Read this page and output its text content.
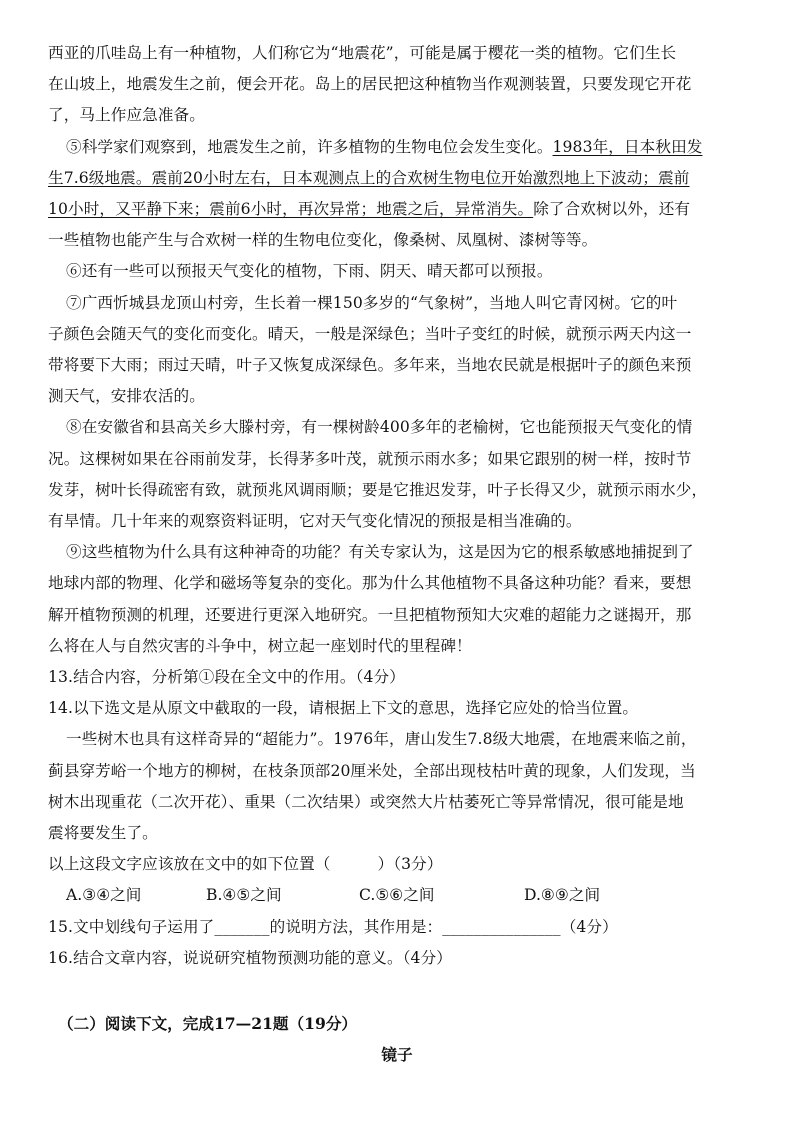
西亚的爪哇岛上有一种植物，人们称它为“地震花”，可能是属于樱花一类的植物。它们生长
在山坡上，地震发生之前，便会开花。岛上的居民把这种植物当作观测装置，只要发现它开花
了，马上作应急准备。
⑤科学家们观察到，地震发生之前，许多植物的生物电位会发生变化。1983年，日本秋田发
生7.6级地震。震前20小时左右，日本观测点上的合欢树生物电位开始激烈地上下波动；震前
10小时，又平静下来；震前6小时，再次异常；地震之后，异常消失。除了合欢树以外，还有
一些植物也能产生与合欢树一样的生物电位变化，像桑树、凤凰树、漆树等等。
⑥还有一些可以预报天气变化的植物，下雨、阴天、晴天都可以预报。
⑦广西忻城县龙顶山村旁，生长着一棵150多岁的“气象树”，当地人叫它青冈树。它的叶
子颜色会随天气的变化而变化。晴天，一般是深绿色；当叶子变红的时候，就预示两天内这一
带将要下大雨；雨过天晴，叶子又恢复成深绿色。多年来，当地农民就是根据叶子的颜色来预
测天气，安排农活的。
⑧在安徽省和县高关乡大滕村旁，有一棵树龄400多年的老榆树，它也能预报天气变化的情
况。这棵树如果在谷雨前发芽，长得茅多叶茂，就预示雨水多；如果它跟别的树一样，按时节
发芽，树叶长得疏密有致，就预兆风调雨顺；要是它推迟发芽，叶子长得又少，就预示雨水少，
有旱情。几十年来的观察资料证明，它对天气变化情况的预报是相当准确的。
⑨这些植物为什么具有这种神奇的功能？有关专家认为，这是因为它的根系敏感地捕捉到了
地球内部的物理、化学和磁场等复杂的变化。那为什么其他植物不具备这种功能？看来，要想
解开植物预测的机理，还要进行更深入地研究。一旦把植物预知大灾难的超能力之谜揭开，那
么将在人与自然灾害的斗争中，树立起一座划时代的里程碑！
13.结合内容，分析第①段在全文中的作用。（4分）
14.以下选文是从原文中截取的一段，请根据上下文的意思，选择它应处的恰当位置。
一些树木也具有这样奇异的“超能力”。1976年，唐山发生7.8级大地震，在地震来临之前，
蓟县穿芳峪一个地方的柳树，在枝条顶部20厘米处，全部出现枝枯叶黄的现象，人们发现，当
树木出现重花（二次开花）、重果（二次结果）或突然大片枯萎死亡等异常情况，很可能是地
震将要发生了。
以上这段文字应该放在文中的如下位置（　　　）（3分）
A.③④之间	B.④⑤之间	C.⑤⑥之间	D.⑧⑨之间
15.文中划线句子运用了_______的说明方法，其作用是：_______________（4分）
16.结合文章内容，说说研究植物预测功能的意义。（4分）
（二）阅读下文，完成17—21题（19分）
镜子
